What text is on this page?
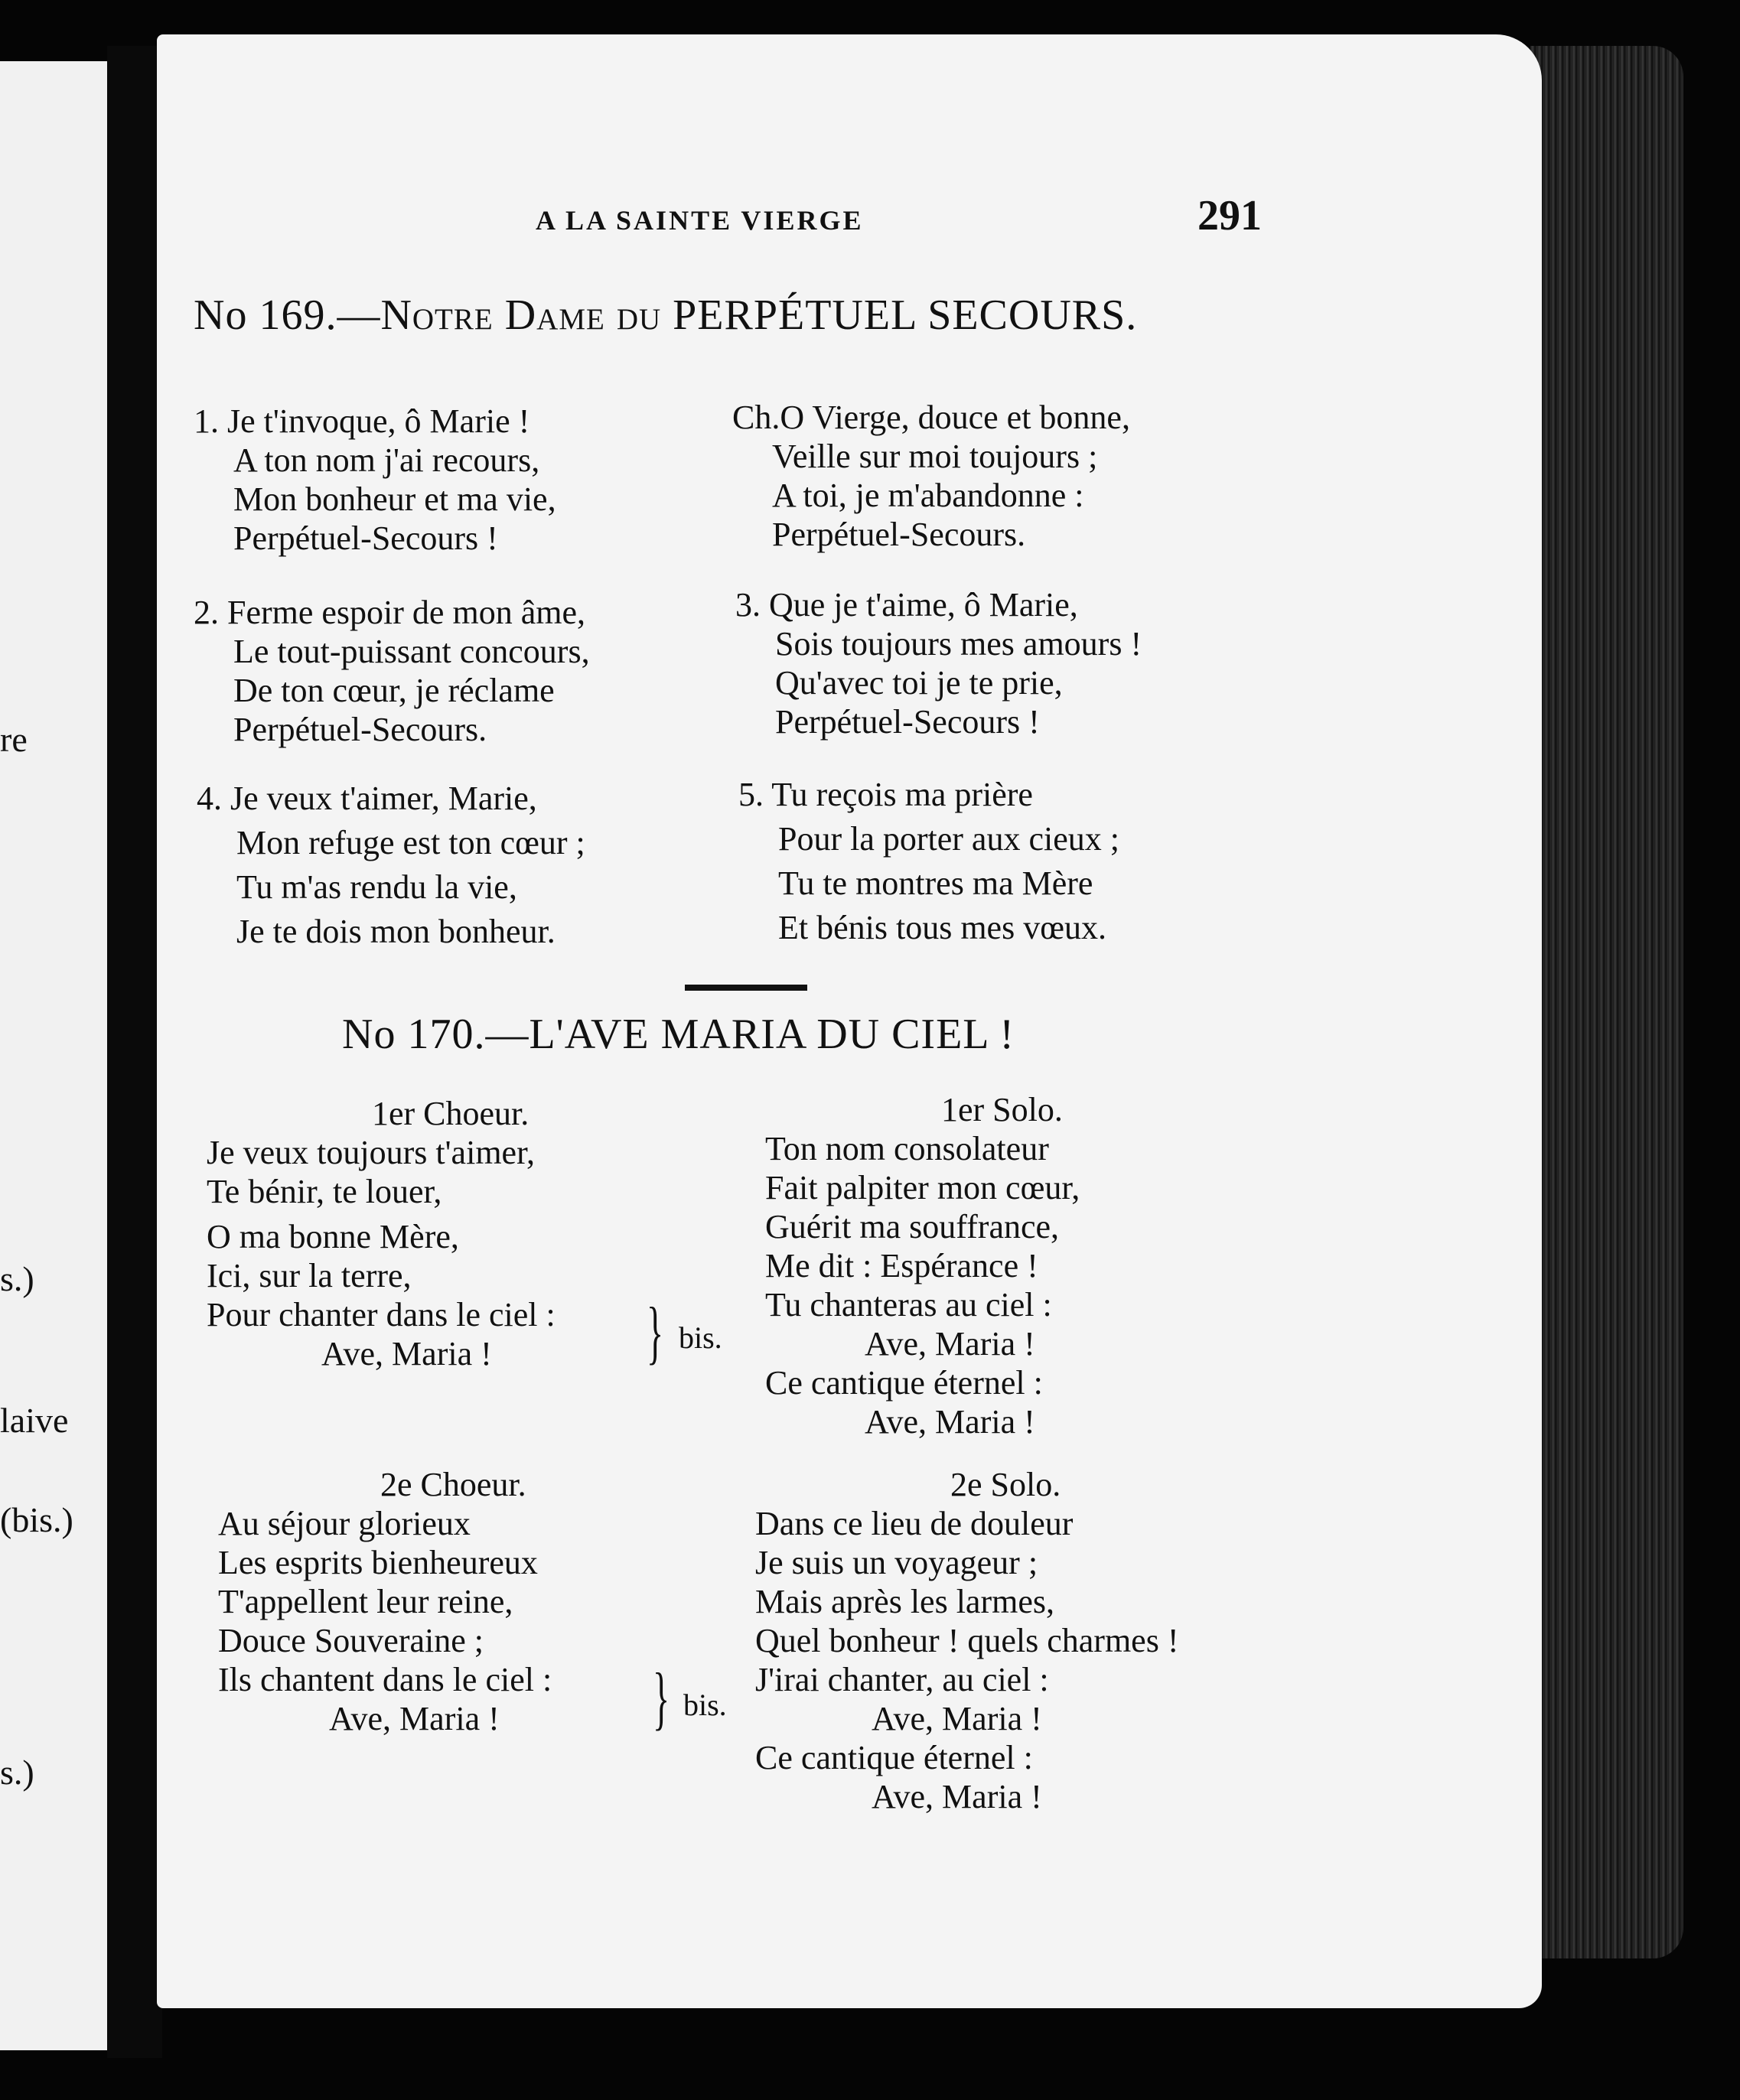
re
s.)
laive
(bis.)
s.)
A LA SAINTE VIERGE	291
No 169.—Notre Dame du PERPÉTUEL SECOURS.
1. Je t'invoque, ô Marie !
A ton nom j'ai recours,
Mon bonheur et ma vie,
Perpétuel-Secours !
Ch.O Vierge, douce et bonne,
Veille sur moi toujours ;
A toi, je m'abandonne :
Perpétuel-Secours.
2. Ferme espoir de mon âme,
Le tout-puissant concours,
De ton cœur, je réclame
Perpétuel-Secours.
3. Que je t'aime, ô Marie,
Sois toujours mes amours !
Qu'avec toi je te prie,
Perpétuel-Secours !
4. Je veux t'aimer, Marie,
Mon refuge est ton cœur ;
Tu m'as rendu la vie,
Je te dois mon bonheur.
5. Tu reçois ma prière
Pour la porter aux cieux ;
Tu te montres ma Mère
Et bénis tous mes vœux.
No 170.—L'AVE MARIA DU CIEL !
1er Choeur.
Je veux toujours t'aimer,
Te bénir, te louer,
O ma bonne Mère,
Ici, sur la terre,
Pour chanter dans le ciel :
Ave, Maria !	} bis.
1er Solo.
Ton nom consolateur
Fait palpiter mon cœur,
Guérit ma souffrance,
Me dit : Espérance !
Tu chanteras au ciel :
Ave, Maria !
Ce cantique éternel :
Ave, Maria !
2e Choeur.
Au séjour glorieux
Les esprits bienheureux
T'appellent leur reine,
Douce Souveraine ;
Ils chantent dans le ciel :
Ave, Maria !	} bis.
2e Solo.
Dans ce lieu de douleur
Je suis un voyageur ;
Mais après les larmes,
Quel bonheur ! quels charmes !
J'irai chanter, au ciel :
Ave, Maria !
Ce cantique éternel :
Ave, Maria !
